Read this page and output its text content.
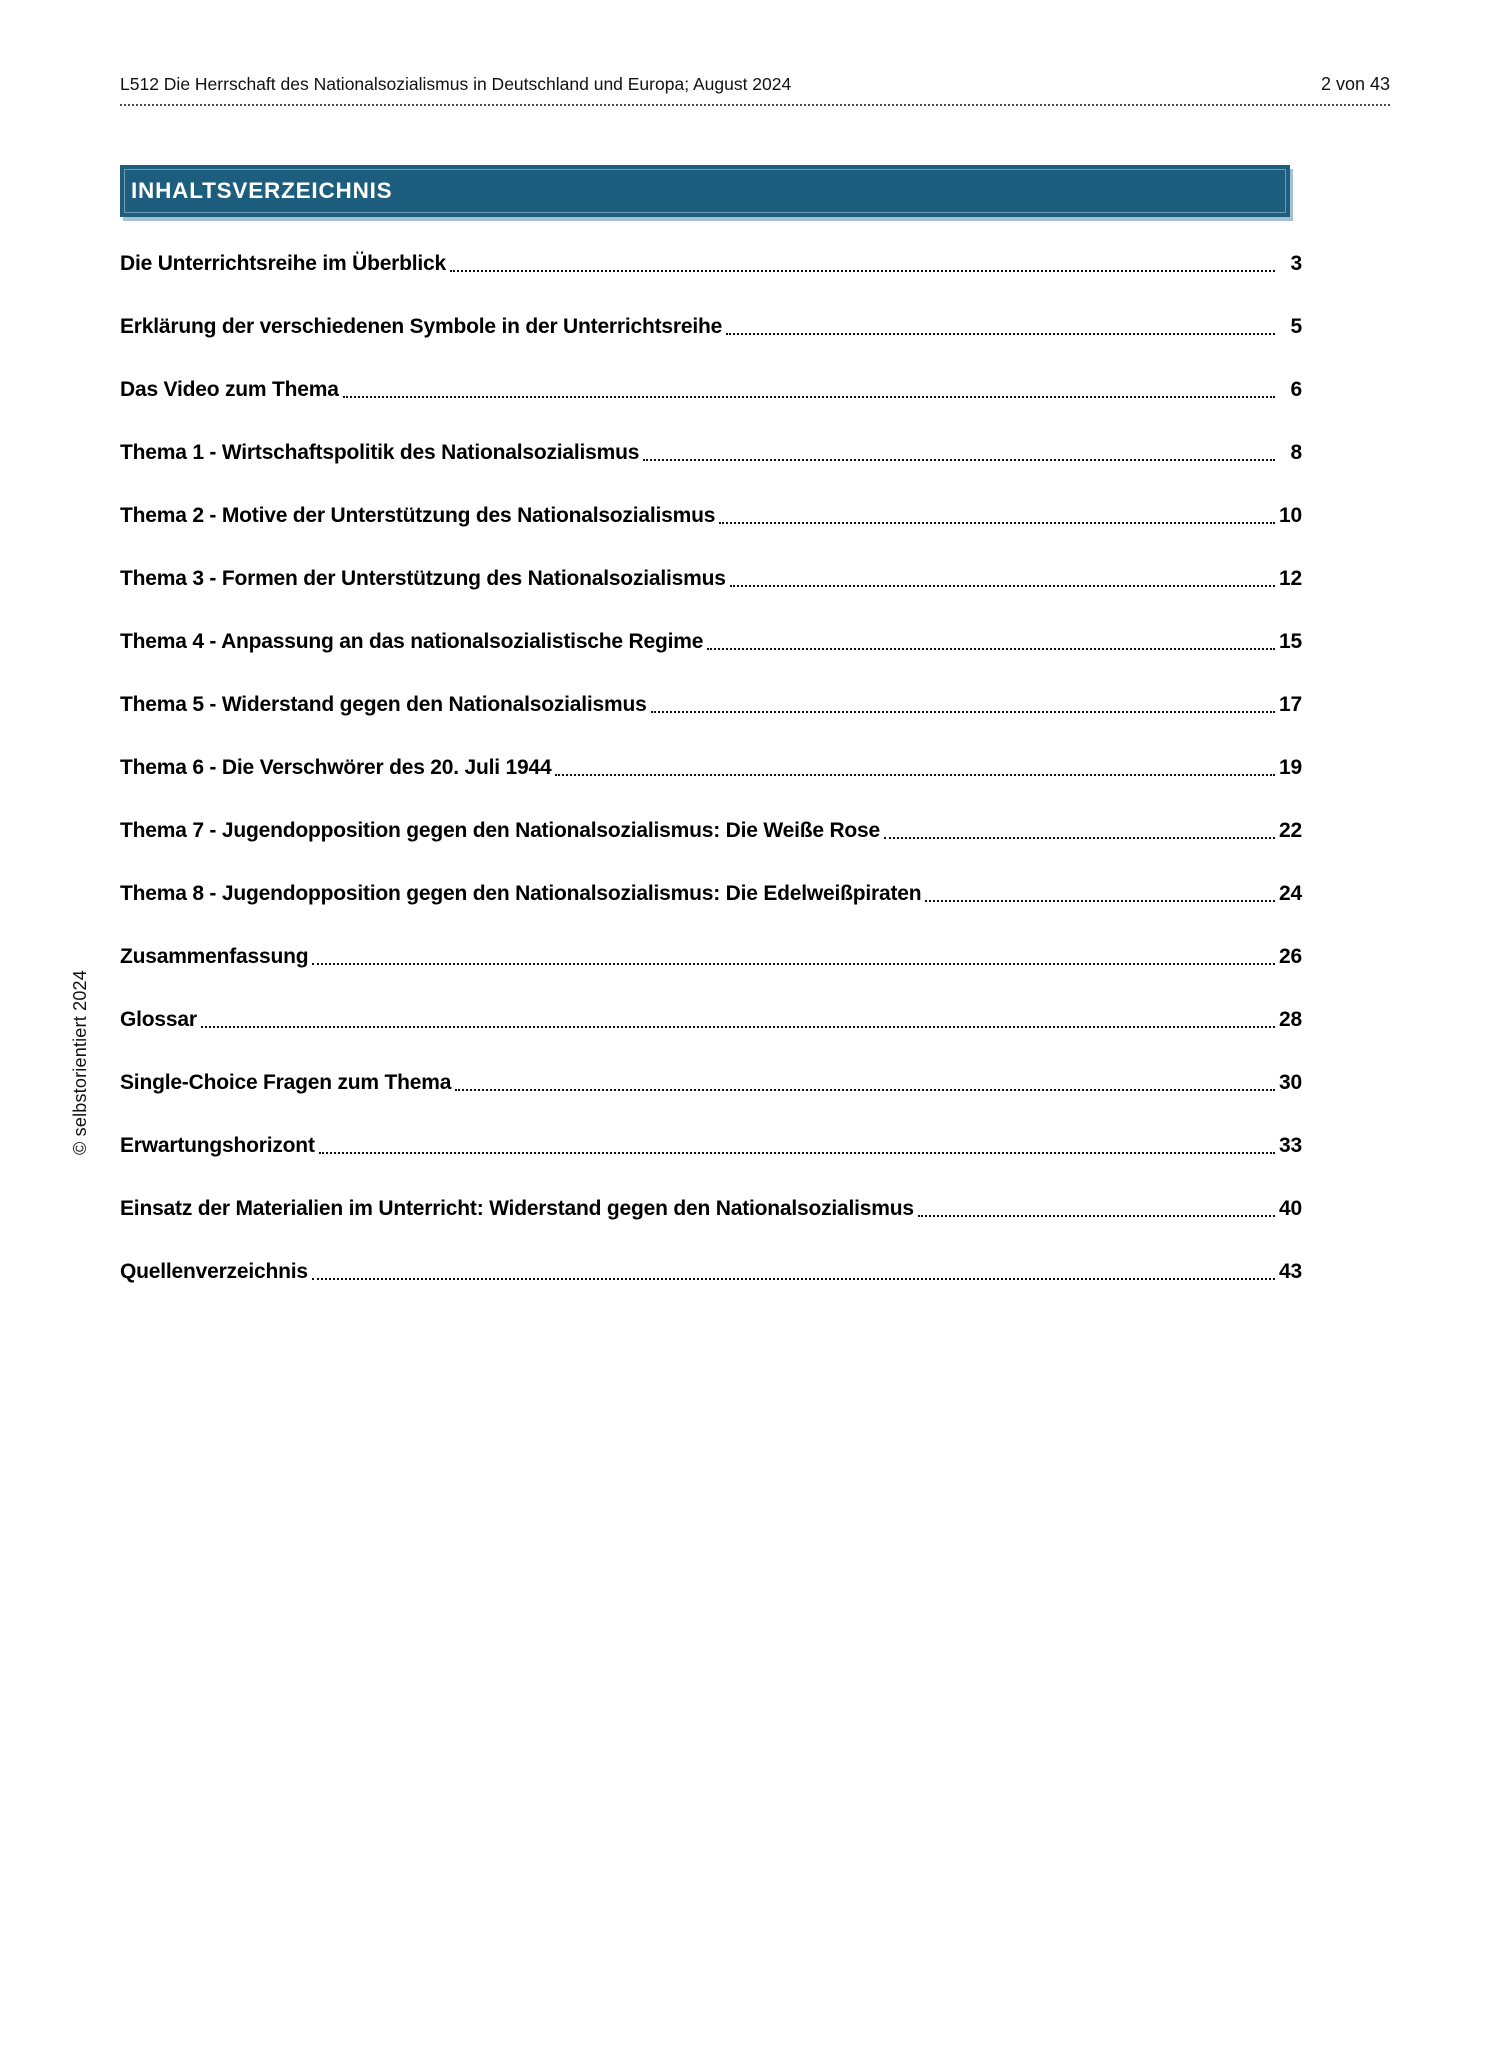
L512 Die Herrschaft des Nationalsozialismus in Deutschland und Europa; August 2024	2 von 43
INHALTSVERZEICHNIS
Die Unterrichtsreihe im Überblick	3
Erklärung der verschiedenen Symbole in der Unterrichtsreihe	5
Das Video zum Thema	6
Thema 1 - Wirtschaftspolitik des Nationalsozialismus	8
Thema 2 - Motive der Unterstützung des Nationalsozialismus	10
Thema 3 - Formen der Unterstützung des Nationalsozialismus	12
Thema 4 - Anpassung an das nationalsozialistische Regime	15
Thema 5 - Widerstand gegen den Nationalsozialismus	17
Thema 6 - Die Verschwörer des 20. Juli 1944	19
Thema 7 - Jugendopposition gegen den Nationalsozialismus: Die Weiße Rose	22
Thema 8 - Jugendopposition gegen den Nationalsozialismus: Die Edelweißpiraten	24
Zusammenfassung	26
Glossar	28
Single-Choice Fragen zum Thema	30
Erwartungshorizont	33
Einsatz der Materialien im Unterricht: Widerstand gegen den Nationalsozialismus	40
Quellenverzeichnis	43
© selbstorientiert 2024
